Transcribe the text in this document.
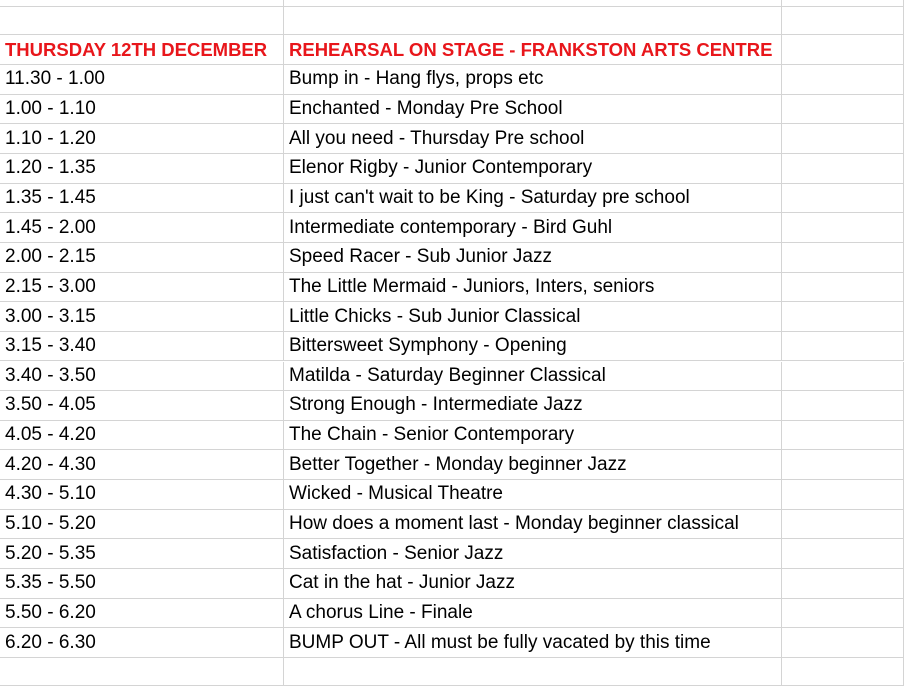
THURSDAY 12TH DECEMBER	REHEARSAL ON STAGE - FRANKSTON ARTS CENTRE
11.30 - 1.00	Bump in - Hang flys, props etc
1.00 - 1.10	Enchanted - Monday Pre School
1.10 - 1.20	All you need - Thursday Pre school
1.20 - 1.35	Elenor Rigby - Junior Contemporary
1.35 - 1.45	I just can't wait to be King - Saturday pre school
1.45 - 2.00	Intermediate contemporary - Bird Guhl
2.00 - 2.15	Speed Racer - Sub Junior Jazz
2.15 - 3.00	The Little Mermaid - Juniors, Inters, seniors
3.00 - 3.15	Little Chicks - Sub Junior Classical
3.15 - 3.40	Bittersweet Symphony - Opening
3.40 - 3.50	Matilda - Saturday Beginner Classical
3.50 - 4.05	Strong Enough - Intermediate Jazz
4.05 - 4.20	The Chain - Senior Contemporary
4.20 - 4.30	Better Together - Monday beginner Jazz
4.30 - 5.10	Wicked - Musical Theatre
5.10 - 5.20	How does a moment last - Monday beginner classical
5.20 - 5.35	Satisfaction - Senior Jazz
5.35 - 5.50	Cat in the hat - Junior Jazz
5.50 - 6.20	A chorus Line - Finale
6.20 - 6.30	BUMP OUT - All must be fully vacated by this time
